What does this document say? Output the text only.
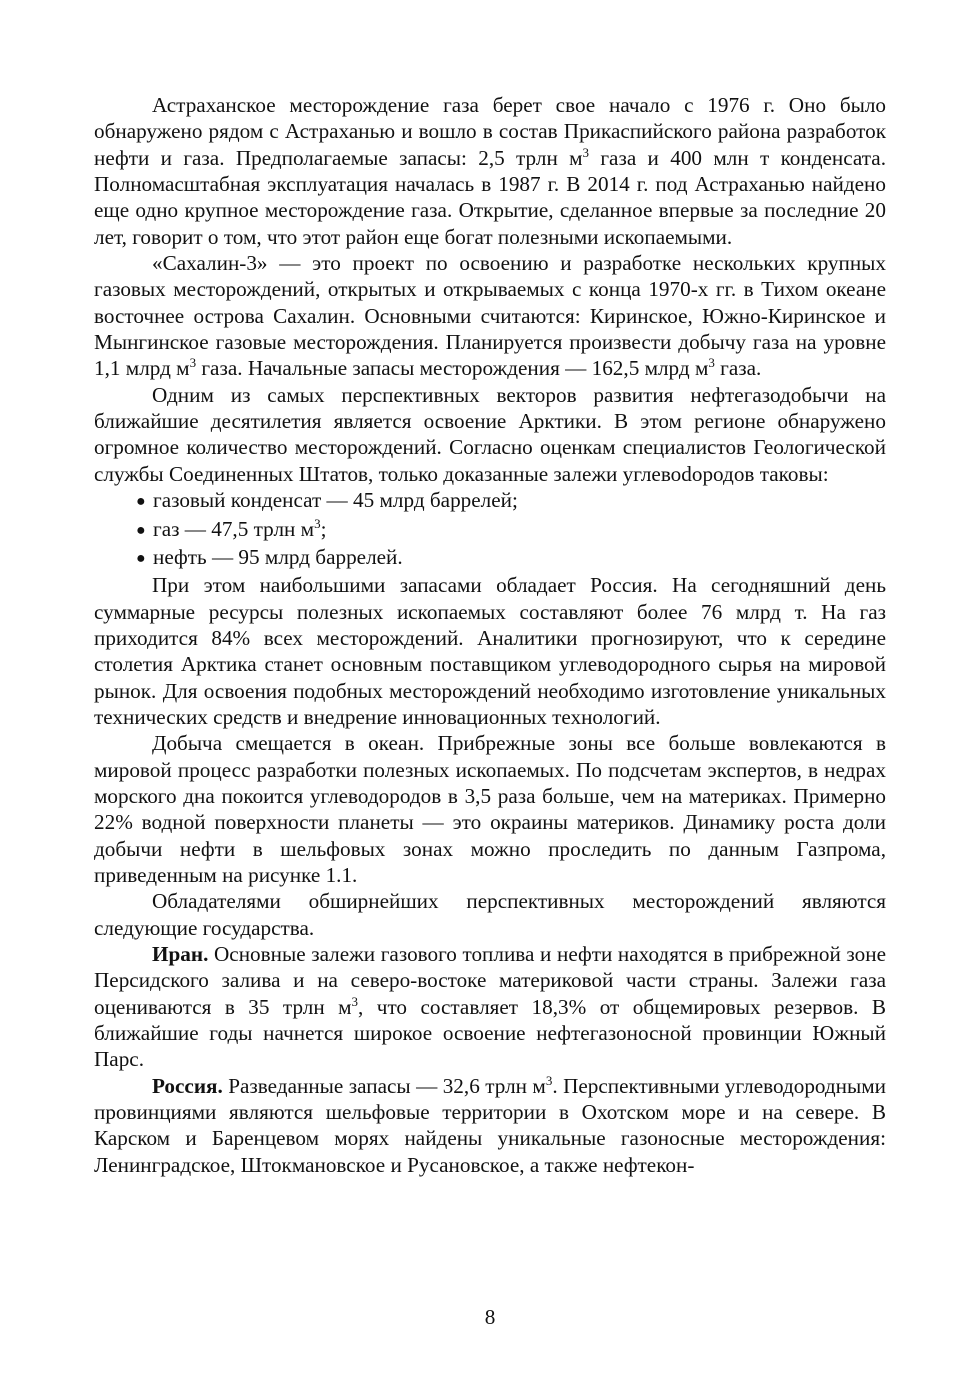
Астраханское месторождение газа берет свое начало с 1976 г. Оно было обнаружено рядом с Астраханью и вошло в состав Прикаспийского района разработок нефти и газа. Предполагаемые запасы: 2,5 трлн $м^3$ газа и 400 млн т конденсата. Полномасштабная эксплуатация началась в 1987 г. В 2014 г. под Астраханью найдено еще одно крупное месторождение газа. Открытие, сделанное впервые за последние 20 лет, говорит о том, что этот район еще богат полезными ископаемыми.

«Сахалин-3» — это проект по освоению и разработке нескольких крупных газовых месторождений, открытых и открываемых с конца 1970-х гг. в Тихом океане восточнее острова Сахалин. Основными считаются: Киринское, Южно-Киринское и Мынгинское газовые месторождения. Планируется произвести добычу газа на уровне 1,1 млрд $м^3$ газа. Начальные запасы месторождения — 162,5 млрд $м^3$ газа.

Одним из самых перспективных векторов развития нефтегазодобычи на ближайшие десятилетия является освоение Арктики. В этом регионе обнаружено огромное количество месторождений. Согласно оценкам специалистов Геологической службы Соединенных Штатов, только доказанные залежи углевоdородов таковы:

● газовый конденсат — 45 млрд баррелей;
● газ — 47,5 трлн $м^3$;
● нефть — 95 млрд баррелей.

При этом наибольшими запасами обладает Россия. На сегодняшний день суммарные ресурсы полезных ископаемых составляют более 76 млрд т. На газ приходится 84% всех месторождений. Аналитики прогнозируют, что к середине столетия Арктика станет основным поставщиком углеводородного сырья на мировой рынок. Для освоения подобных месторождений необходимо изготовление уникальных технических средств и внедрение инновационных технологий.

Добыча смещается в океан. Прибрежные зоны все больше вовлекаются в мировой процесс разработки полезных ископаемых. По подсчетам экспертов, в недрах морского дна покоится углеводородов в 3,5 раза больше, чем на материках. Примерно 22% водной поверхности планеты — это окраины материков. Динамику роста доли добычи нефти в шельфовых зонах можно проследить по данным Газпрома, приведенным на рисунке 1.1.

Обладателями обширнейших перспективных месторождений являются следующие государства.

Иран. Основные залежи газового топлива и нефти находятся в прибрежной зоне Персидского залива и на северо-востоке материковой части страны. Залежи газа оцениваются в 35 трлн $м^3$, что составляет 18,3% от общемировых резервов. В ближайшие годы начнется широкое освоение нефтегазоносной провинции Южный Парс.

Россия. Разведанные запасы — 32,6 трлн $м^3$. Перспективными углеводородными провинциями являются шельфовые территории в Охотском море и на севере. В Карском и Баренцевом морях найдены уникальные газоносные месторождения: Ленинградское, Штокмановское и Русановское, а также нефтекон-

8
